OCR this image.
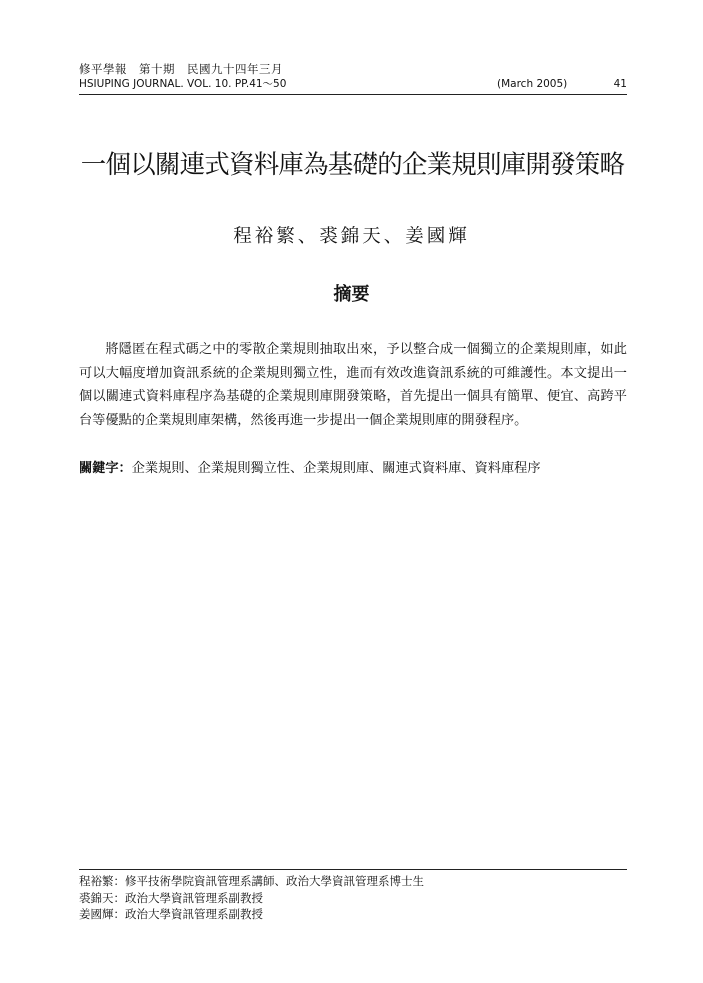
修平學報　第十期　民國九十四年三月
HSIUPING JOURNAL. VOL. 10. PP.41～50	(March 2005)	41
一個以關連式資料庫為基礎的企業規則庫開發策略
程裕繁、裘錦天、姜國輝
摘要

將隱匿在程式碼之中的零散企業規則抽取出來，予以整合成一個獨立的企業規則庫，如此可以大幅度增加資訊系統的企業規則獨立性，進而有效改進資訊系統的可維護性。本文提出一個以關連式資料庫程序為基礎的企業規則庫開發策略，首先提出一個具有簡單、便宜、高跨平台等優點的企業規則庫架構，然後再進一步提出一個企業規則庫的開發程序。

關鍵字：企業規則、企業規則獨立性、企業規則庫、關連式資料庫、資料庫程序
程裕繁：修平技術學院資訊管理系講師、政治大學資訊管理系博士生
裘錦天：政治大學資訊管理系副教授
姜國輝：政治大學資訊管理系副教授
